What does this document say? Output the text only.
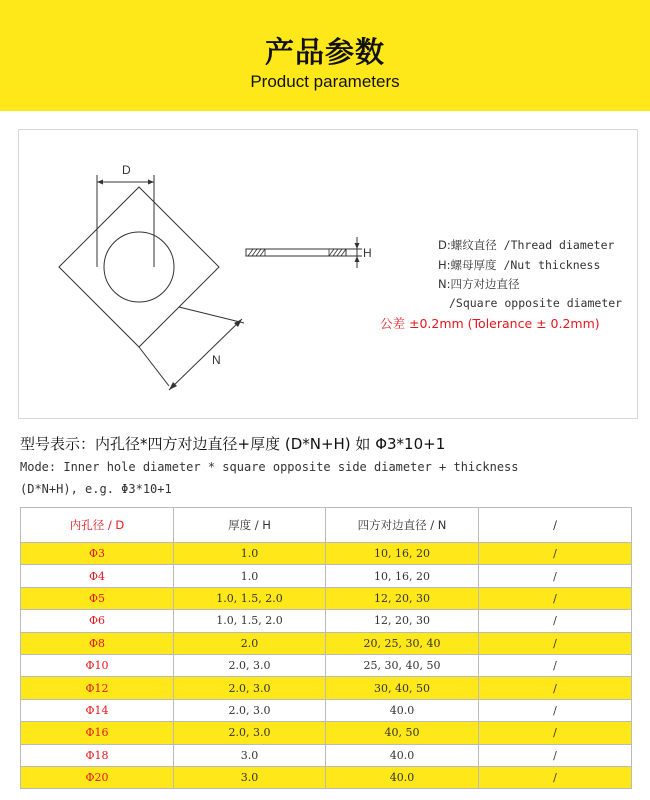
产品参数
Product parameters
D
N
H
D:螺纹直径 /Thread diameter
H:螺母厚度 /Nut thickness
N:四方对边直径
/Square opposite diameter
公差 ±0.2mm (Tolerance ± 0.2mm)
型号表示：内孔径*四方对边直径+厚度 (D*N+H) 如 Φ3*10+1
Mode: Inner hole diameter * square opposite side diameter + thickness
(D*N+H), e.g. Φ3*10+1
内孔径 / D	厚度 / H	四方对边直径 / N	/
Φ3	1.0	10, 16, 20	/
Φ4	1.0	10, 16, 20	/
Φ5	1.0, 1.5, 2.0	12, 20, 30	/
Φ6	1.0, 1.5, 2.0	12, 20, 30	/
Φ8	2.0	20, 25, 30, 40	/
Φ10	2.0, 3.0	25, 30, 40, 50	/
Φ12	2.0, 3.0	30, 40, 50	/
Φ14	2.0, 3.0	40.0	/
Φ16	2.0, 3.0	40, 50	/
Φ18	3.0	40.0	/
Φ20	3.0	40.0	/
